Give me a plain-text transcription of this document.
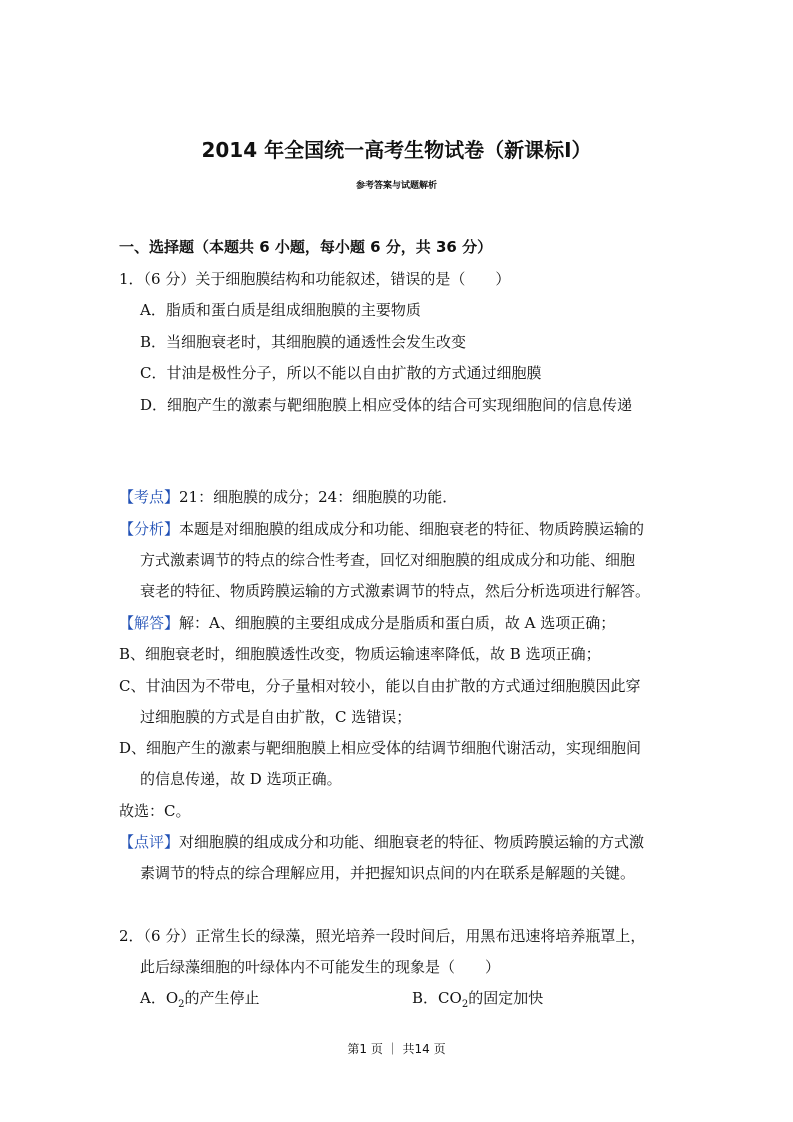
2014 年全国统一高考生物试卷（新课标Ⅰ）
参考答案与试题解析
一、选择题（本题共 6 小题，每小题 6 分，共 36 分）
1．（6 分）关于细胞膜结构和功能叙述，错误的是（　　）
A．脂质和蛋白质是组成细胞膜的主要物质
B．当细胞衰老时，其细胞膜的通透性会发生改变
C．甘油是极性分子，所以不能以自由扩散的方式通过细胞膜
D．细胞产生的激素与靶细胞膜上相应受体的结合可实现细胞间的信息传递
【考点】21：细胞膜的成分；24：细胞膜的功能．
【分析】本题是对细胞膜的组成成分和功能、细胞衰老的特征、物质跨膜运输的
方式激素调节的特点的综合性考查，回忆对细胞膜的组成成分和功能、细胞
衰老的特征、物质跨膜运输的方式激素调节的特点，然后分析选项进行解答。
【解答】解：A、细胞膜的主要组成成分是脂质和蛋白质，故 A 选项正确；
B、细胞衰老时，细胞膜透性改变，物质运输速率降低，故 B 选项正确；
C、甘油因为不带电，分子量相对较小，能以自由扩散的方式通过细胞膜因此穿
过细胞膜的方式是自由扩散，C 选错误；
D、细胞产生的激素与靶细胞膜上相应受体的结调节细胞代谢活动，实现细胞间
的信息传递，故 D 选项正确。
故选：C。
【点评】对细胞膜的组成成分和功能、细胞衰老的特征、物质跨膜运输的方式激
素调节的特点的综合理解应用，并把握知识点间的内在联系是解题的关键。
2．（6 分）正常生长的绿藻，照光培养一段时间后，用黑布迅速将培养瓶罩上，
此后绿藻细胞的叶绿体内不可能发生的现象是（　　）
A．$O_2$的产生停止	B．$CO_2$的固定加快
第1 页 ｜ 共14 页
